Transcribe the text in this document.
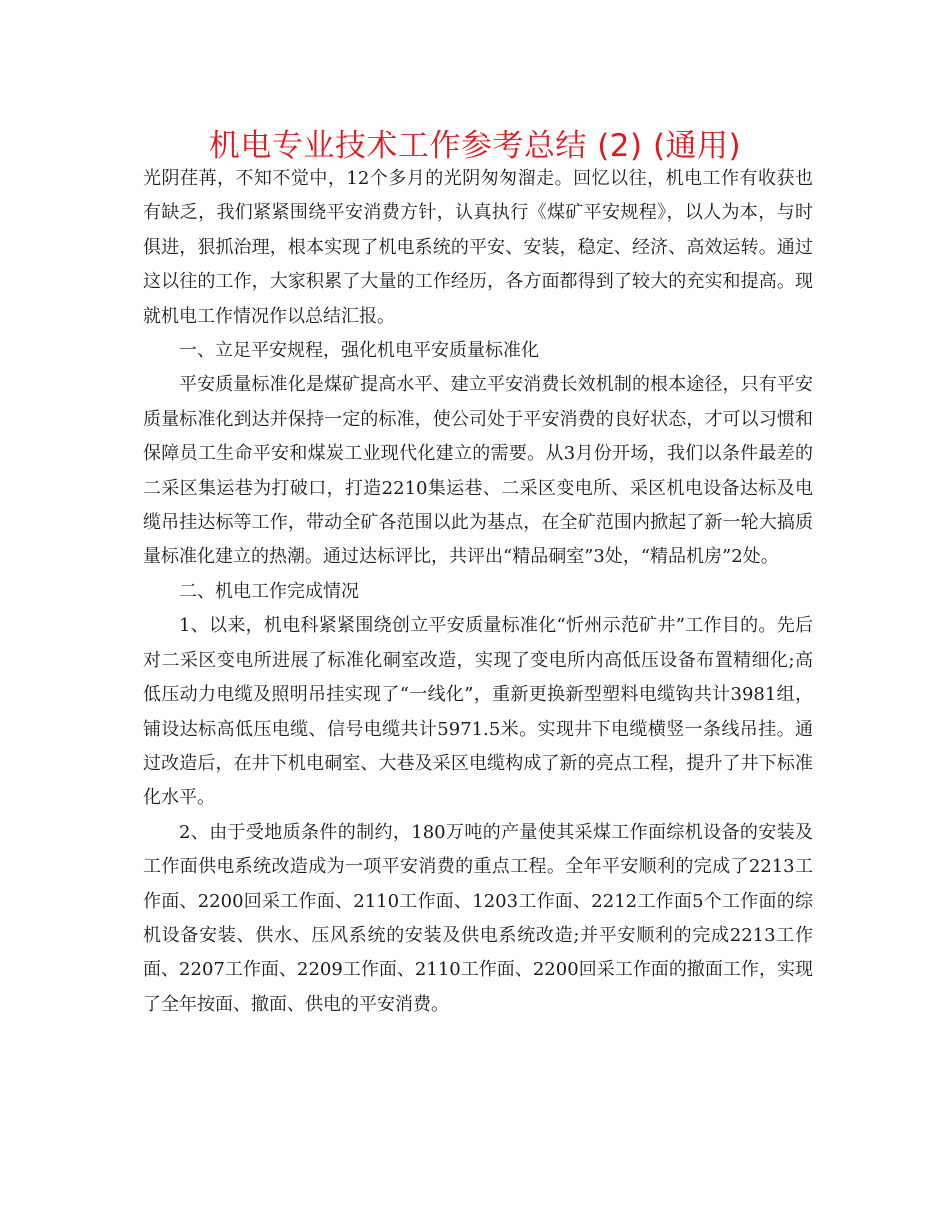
机电专业技术工作参考总结 (2) (通用)

光阴荏苒，不知不觉中，12个多月的光阴匆匆溜走。回忆以往，机电工作有收获也有缺乏，我们紧紧围绕平安消费方针，认真执行《煤矿平安规程》，以人为本，与时俱进，狠抓治理，根本实现了机电系统的平安、安装，稳定、经济、高效运转。通过这以往的工作，大家积累了大量的工作经历，各方面都得到了较大的充实和提高。现就机电工作情况作以总结汇报。

一、立足平安规程，强化机电平安质量标准化

平安质量标准化是煤矿提高水平、建立平安消费长效机制的根本途径，只有平安质量标准化到达并保持一定的标准，使公司处于平安消费的良好状态，才可以习惯和保障员工生命平安和煤炭工业现代化建立的需要。从3月份开场，我们以条件最差的二采区集运巷为打破口，打造2210集运巷、二采区变电所、采区机电设备达标及电缆吊挂达标等工作，带动全矿各范围以此为基点，在全矿范围内掀起了新一轮大搞质量标准化建立的热潮。通过达标评比，共评出“精品硐室”3处，“精品机房”2处。

二、机电工作完成情况

1、以来，机电科紧紧围绕创立平安质量标准化“忻州示范矿井”工作目的。先后对二采区变电所进展了标准化硐室改造，实现了变电所内高低压设备布置精细化;高低压动力电缆及照明吊挂实现了“一线化”，重新更换新型塑料电缆钩共计3981组，铺设达标高低压电缆、信号电缆共计5971.5米。实现井下电缆横竖一条线吊挂。通过改造后，在井下机电硐室、大巷及采区电缆构成了新的亮点工程，提升了井下标准化水平。

2、由于受地质条件的制约，180万吨的产量使其采煤工作面综机设备的安装及工作面供电系统改造成为一项平安消费的重点工程。全年平安顺利的完成了2213工作面、2200回采工作面、2110工作面、1203工作面、2212工作面5个工作面的综机设备安装、供水、压风系统的安装及供电系统改造;并平安顺利的完成2213工作面、2207工作面、2209工作面、2110工作面、2200回采工作面的撤面工作，实现了全年按面、撤面、供电的平安消费。
